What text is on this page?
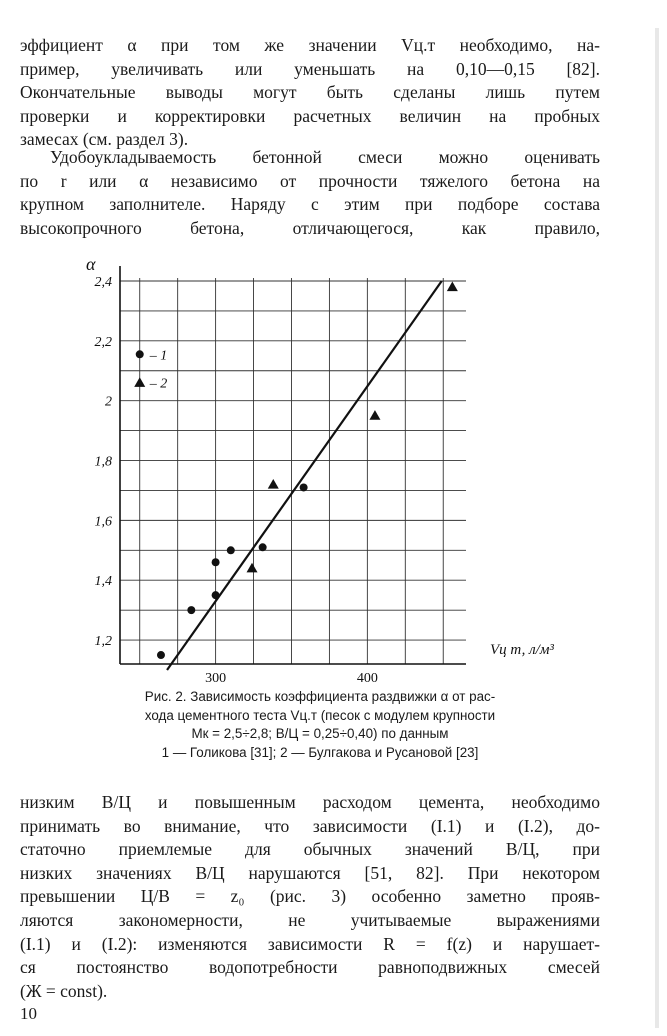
эффициент α при том же значении Vц.т необходимо, на-
пример, увеличивать или уменьшать на 0,10—0,15 [82].
Окончательные выводы могут быть сделаны лишь путем
проверки и корректировки расчетных величин на пробных
замесах (см. раздел 3).
Удобоукладываемость бетонной смеси можно оценивать
по r или α независимо от прочности тяжелого бетона на
крупном заполнителе. Наряду с этим при подборе состава
высокопрочного бетона, отличающегося, как правило,
1,2
1,4
1,6
1,8
2
2,2
2,4
300	400
α
Vц т, л/м³
– 1
– 2
Рис. 2. Зависимость коэффициента раздвижки α от рас-
хода цементного теста Vц.т (песок с модулем крупности
Mк = 2,5÷2,8; В/Ц = 0,25÷0,40) по данным
1 — Голикова [31]; 2 — Булгакова и Русановой [23]
низким В/Ц и повышенным расходом цемента, необходимо
принимать во внимание, что зависимости (I.1) и (I.2), до-
статочно приемлемые для обычных значений В/Ц, при
низких значениях В/Ц нарушаются [51, 82]. При некотором
превышении Ц/В = z₀ (рис. 3) особенно заметно прояв-
ляются закономерности, не учитываемые выражениями
(I.1) и (I.2): изменяются зависимости R = f(z) и нарушает-
ся постоянство водопотребности равноподвижных смесей
(Ж = const).
10
